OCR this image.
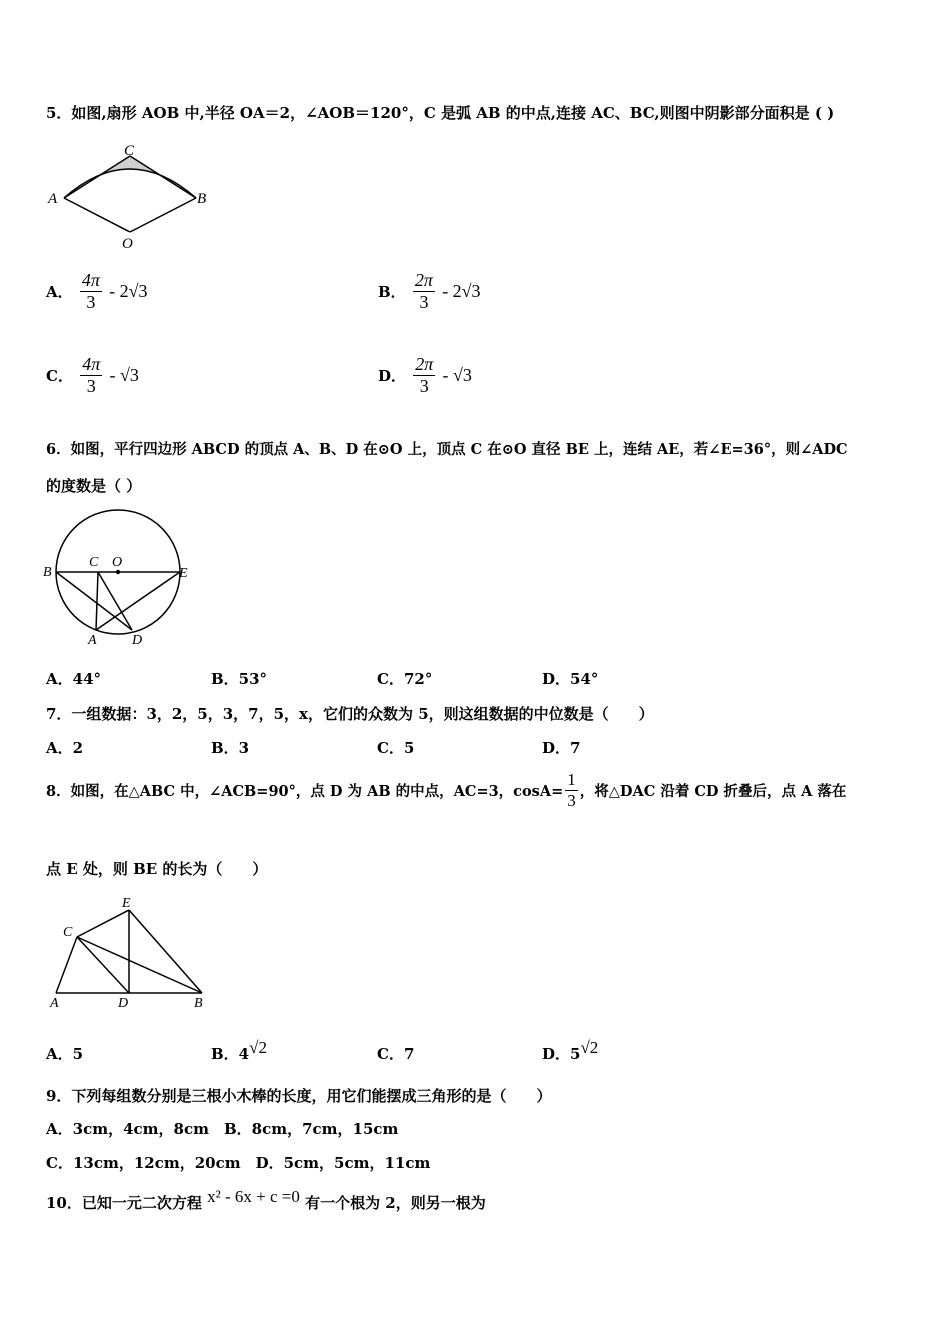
5．如图,扇形 AOB 中,半径 OA＝2，∠AOB＝120°，C 是弧 AB 的中点,连接 AC、BC,则图中阴影部分面积是 ( )
C
A	B
O
A． $\frac{4\pi}{3} - 2√3$	B． $\frac{2\pi}{3} - 2√3$
C． $\frac{4\pi}{3} - √3$	D． $\frac{2\pi}{3} - √3$
6．如图，平行四边形 ABCD 的顶点 A、B、D 在⊙O 上，顶点 C 在⊙O 直径 BE 上，连结 AE，若∠E=36°，则∠ADC
的度数是（ ）
B
C O
E
A	D
A．44°	B．53°	C．72°	D．54°
7．一组数据：3，2，5，3，7，5，x，它们的众数为 5，则这组数据的中位数是（　　）
A．2	B．3	C．5	D．7
8．如图，在△ABC 中，∠ACB=90°，点 D 为 AB 的中点，AC=3，$\cos A= \frac{1}{3}$ ，将△DAC 沿着 CD 折叠后，点 A 落在
点 E 处，则 BE 的长为（　　）
E
C
A	D	B
A．5	B．$4^{√2}$	C．7	D．$5^{√2}$
9．下列每组数分别是三根小木棒的长度，用它们能摆成三角形的是（　　）
A．3cm，4cm，8cm　B．8cm，7cm，15cm
C．13cm，12cm，20cm　D．5cm，5cm，11cm
10．已知一元二次方程 x² - 6x + c =0 有一个根为 2，则另一根为
